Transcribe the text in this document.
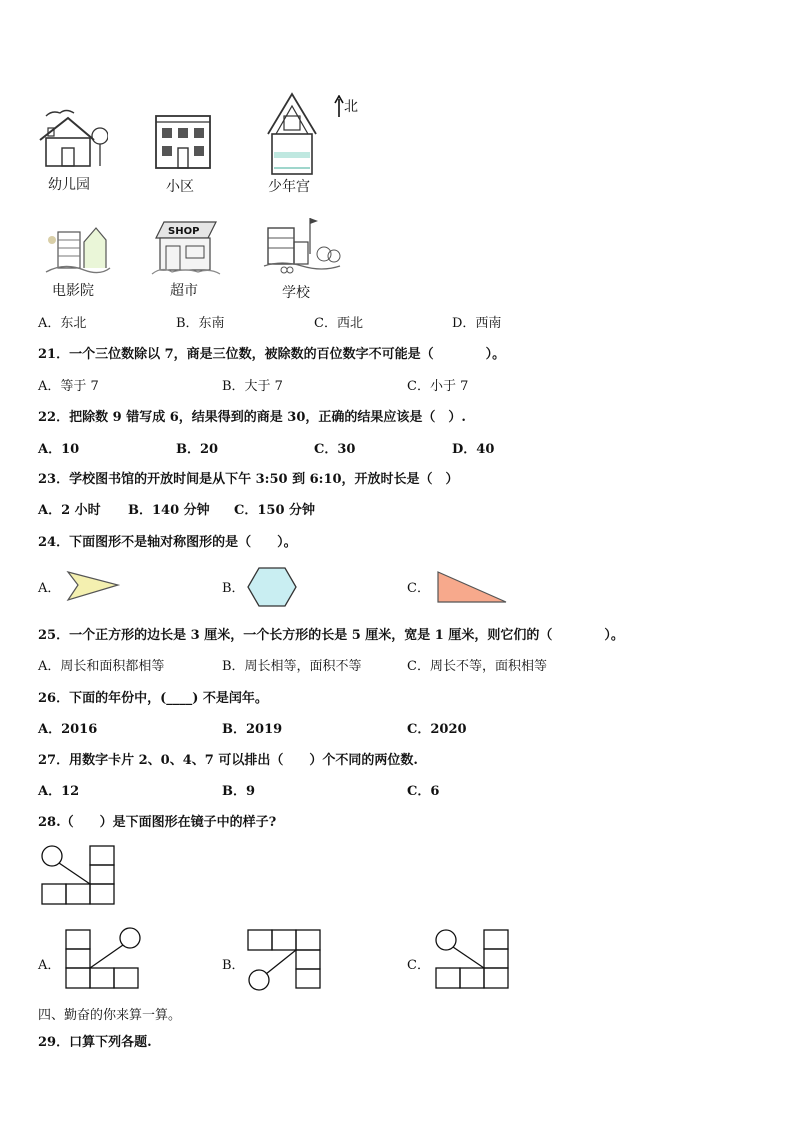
幼儿园	小区	少年宫
北
电影院
SHOP
超市	学校
A．东北	B．东南	C．西北	D．西南
21．一个三位数除以 7，商是三位数，被除数的百位数字不可能是（　　　　）。
A．等于 7	B．大于 7	C．小于 7
22．把除数 9 错写成 6，结果得到的商是 30，正确的结果应该是（　）.
A．10	B．20	C．30	D．40
23．学校图书馆的开放时间是从下午 3:50 到 6:10，开放时长是（　）
A．2 小时 B．140 分钟 C．150 分钟
24．下面图形不是轴对称图形的是（　　）。
A．	B．	C．
25．一个正方形的边长是 3 厘米，一个长方形的长是 5 厘米，宽是 1 厘米，则它们的（　　　　）。
A．周长和面积都相等	B．周长相等，面积不等	C．周长不等，面积相等
26．下面的年份中，(____) 不是闰年。
A．2016	B．2019	C．2020
27．用数字卡片 2、0、4、7 可以排出（　　）个不同的两位数.
A．12	B．9	C．6
28.（　　）是下面图形在镜子中的样子?
A．	B．	C．
四、勤奋的你来算一算。
29．口算下列各题.
